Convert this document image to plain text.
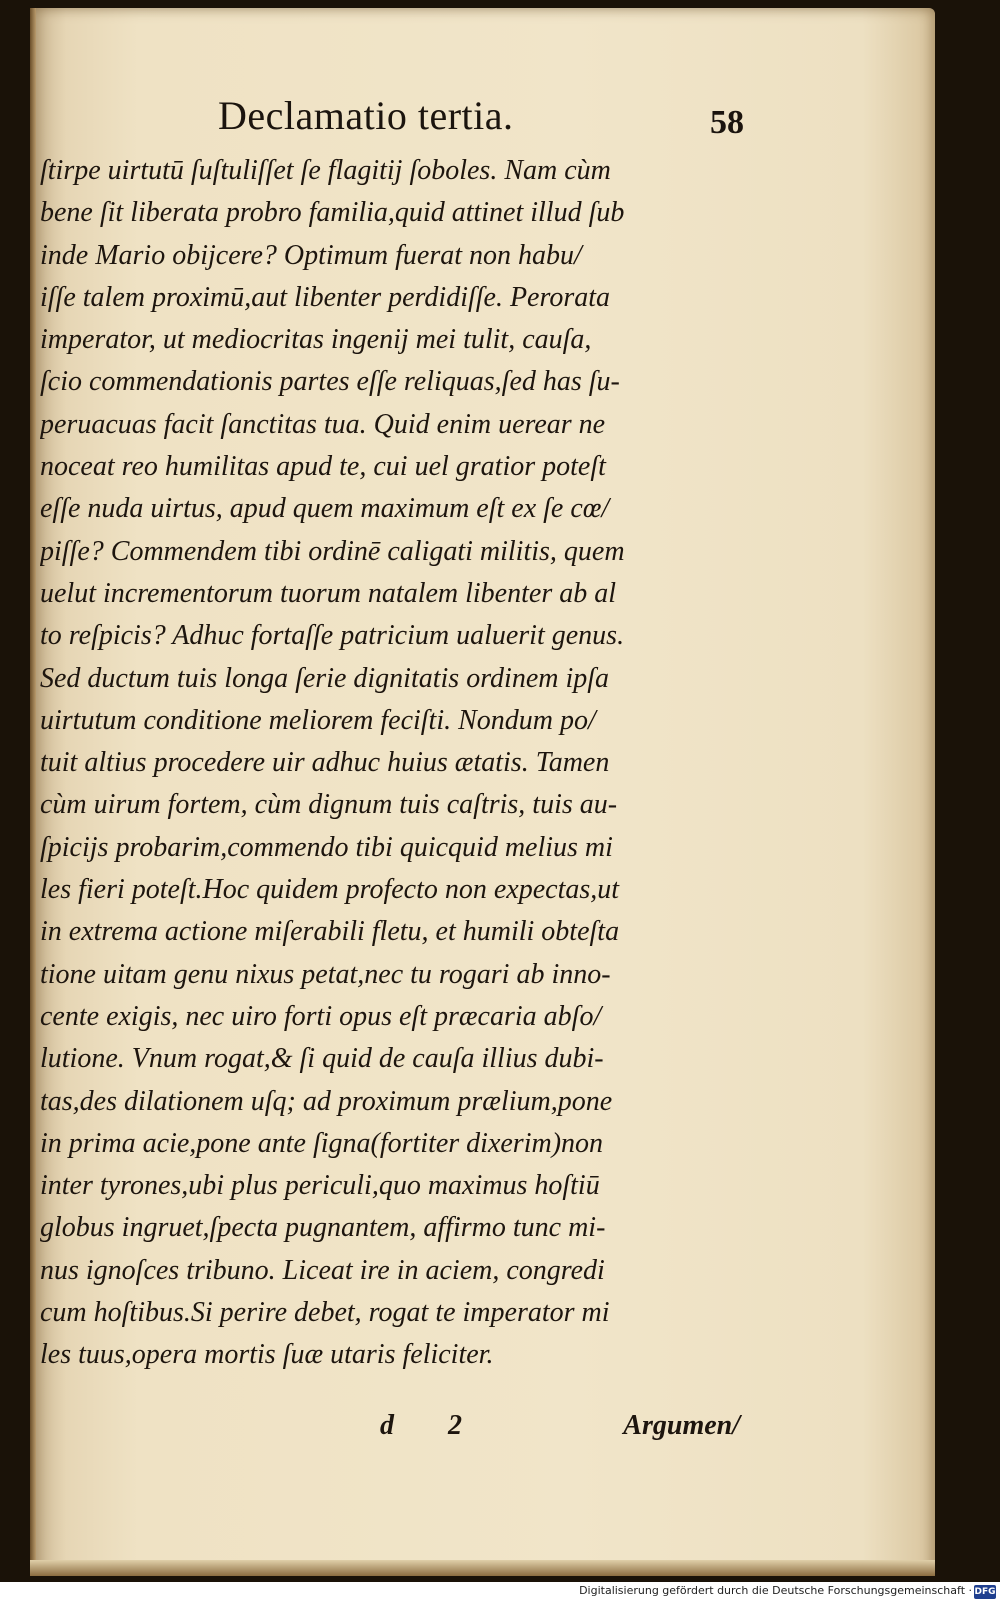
Declamatio tertia.	58
ſtirpe uirtutū ſuſtuliſſet ſe flagitij ſoboles. Nam cùm
bene ſit liberata probro familia,quid attinet illud ſub
inde Mario obijcere? Optimum fuerat non habu/
iſſe talem proximū,aut libenter perdidiſſe. Perorata
imperator, ut mediocritas ingenij mei tulit, cauſa,
ſcio commendationis partes eſſe reliquas,ſed has ſu-
peruacuas facit ſanctitas tua. Quid enim uerear ne
noceat reo humilitas apud te, cui uel gratior poteſt
eſſe nuda uirtus, apud quem maximum eſt ex ſe cœ/
piſſe? Commendem tibi ordinē caligati militis, quem
uelut incrementorum tuorum natalem libenter ab al
to reſpicis? Adhuc fortaſſe patricium ualuerit genus.
Sed ductum tuis longa ſerie dignitatis ordinem ipſa
uirtutum conditione meliorem feciſti. Nondum po/
tuit altius procedere uir adhuc huius ætatis. Tamen
cùm uirum fortem, cùm dignum tuis caſtris, tuis au-
ſpicijs probarim,commendo tibi quicquid melius mi
les fieri poteſt.Hoc quidem profecto non expectas,ut
in extrema actione miſerabili fletu, et humili obteſta
tione uitam genu nixus petat,nec tu rogari ab inno-
cente exigis, nec uiro forti opus eſt præcaria abſo/
lutione. Vnum rogat,& ſi quid de cauſa illius dubi-
tas,des dilationem uſq; ad proximum prælium,pone
in prima acie,pone ante ſigna(fortiter dixerim)non
inter tyrones,ubi plus periculi,quo maximus hoſtiū
globus ingruet,ſpecta pugnantem, affirmo tunc mi-
nus ignoſces tribuno. Liceat ire in aciem, congredi
cum hoſtibus.Si perire debet, rogat te imperator mi
les tuus,opera mortis ſuæ utaris feliciter.
d 2	Argumen/
Digitalisierung gefördert durch die Deutsche Forschungsgemeinschaft · DFG
